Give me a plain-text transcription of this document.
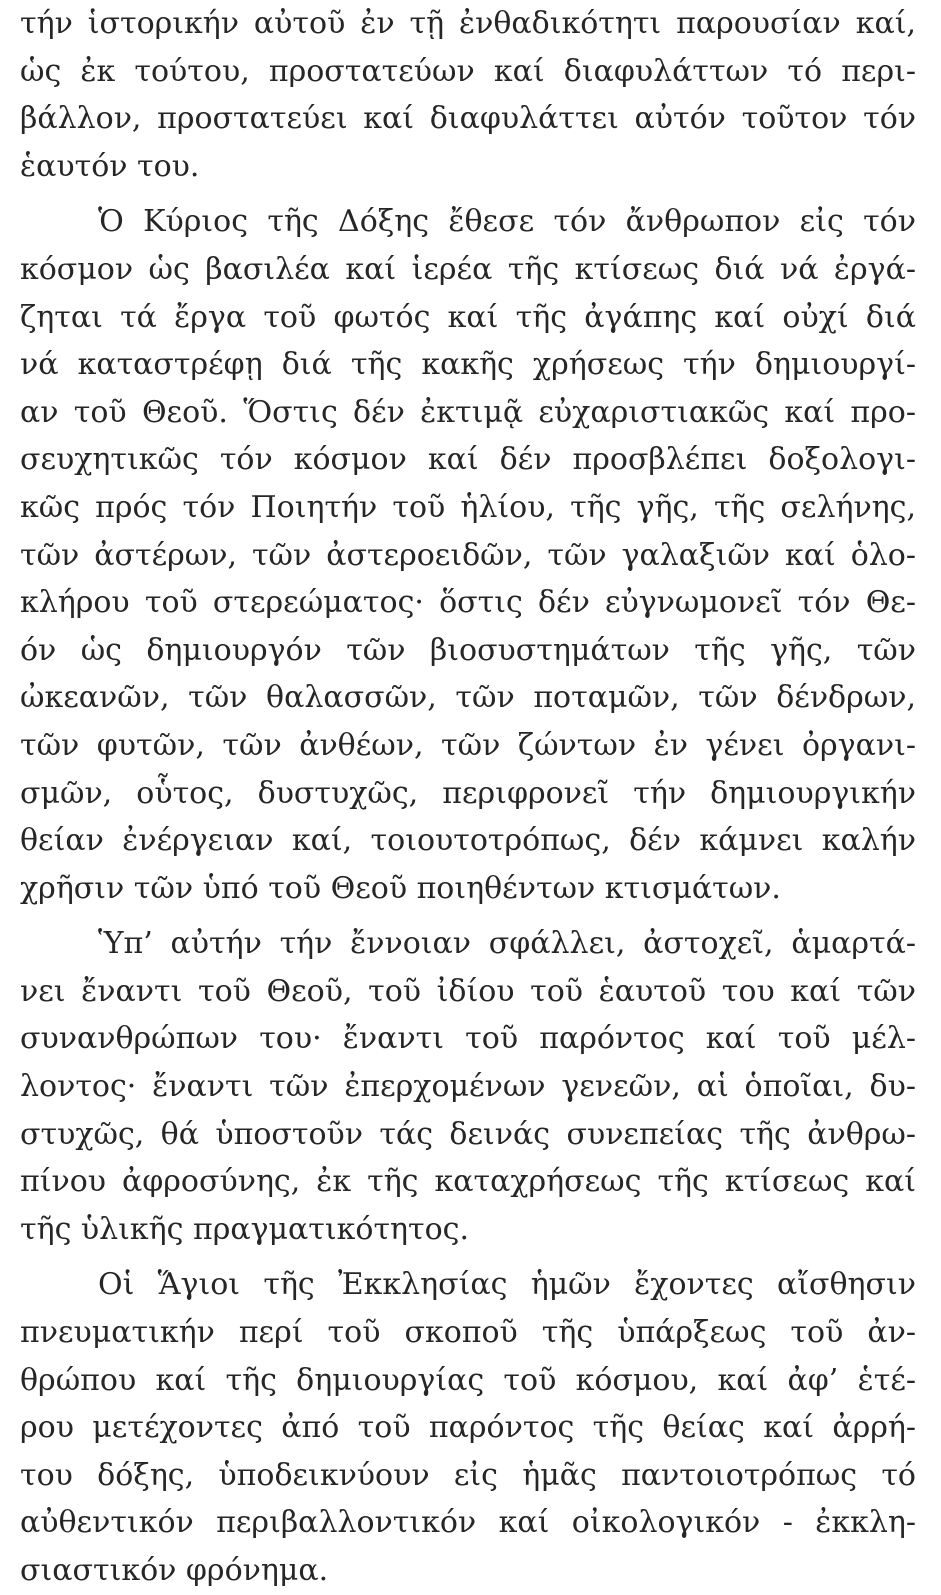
τήν ἱστορικήν αὐτοῦ ἐν τῇ ἐνθαδικότητι παρουσίαν καί,
ὡς ἐκ τούτου, προστατεύων καί διαφυλάττων τό περι-
βάλλον, προστατεύει καί διαφυλάττει αὐτόν τοῦτον τόν
ἑαυτόν του.
Ὁ Κύριος τῆς Δόξης ἔθεσε τόν ἄνθρωπον εἰς τόν
κόσμον ὡς βασιλέα καί ἱερέα τῆς κτίσεως διά νά ἐργά-
ζηται τά ἔργα τοῦ φωτός καί τῆς ἀγάπης καί οὐχί διά
νά καταστρέφῃ διά τῆς κακῆς χρήσεως τήν δημιουργί-
αν τοῦ Θεοῦ. Ὅστις δέν ἐκτιμᾷ εὐχαριστιακῶς καί προ-
σευχητικῶς τόν κόσμον καί δέν προσβλέπει δοξολογι-
κῶς πρός τόν Ποιητήν τοῦ ἡλίου, τῆς γῆς, τῆς σελήνης,
τῶν ἀστέρων, τῶν ἀστεροειδῶν, τῶν γαλαξιῶν καί ὁλο-
κλήρου τοῦ στερεώματος· ὅστις δέν εὐγνωμονεῖ τόν Θε-
όν ὡς δημιουργόν τῶν βιοσυστημάτων τῆς γῆς, τῶν
ὠκεανῶν, τῶν θαλασσῶν, τῶν ποταμῶν, τῶν δένδρων,
τῶν φυτῶν, τῶν ἀνθέων, τῶν ζώντων ἐν γένει ὀργανι-
σμῶν, οὗτος, δυστυχῶς, περιφρονεῖ τήν δημιουργικήν
θείαν ἐνέργειαν καί, τοιουτοτρόπως, δέν κάμνει καλήν
χρῆσιν τῶν ὑπό τοῦ Θεοῦ ποιηθέντων κτισμάτων.
Ὑπ’ αὐτήν τήν ἔννοιαν σφάλλει, ἀστοχεῖ, ἁμαρτά-
νει ἔναντι τοῦ Θεοῦ, τοῦ ἰδίου τοῦ ἑαυτοῦ του καί τῶν
συνανθρώπων του· ἔναντι τοῦ παρόντος καί τοῦ μέλ-
λοντος· ἔναντι τῶν ἐπερχομένων γενεῶν, αἱ ὁποῖαι, δυ-
στυχῶς, θά ὑποστοῦν τάς δεινάς συνεπείας τῆς ἀνθρω-
πίνου ἀφροσύνης, ἐκ τῆς καταχρήσεως τῆς κτίσεως καί
τῆς ὑλικῆς πραγματικότητος.
Οἱ Ἅγιοι τῆς Ἐκκλησίας ἡμῶν ἔχοντες αἴσθησιν
πνευματικήν περί τοῦ σκοποῦ τῆς ὑπάρξεως τοῦ ἀν-
θρώπου καί τῆς δημιουργίας τοῦ κόσμου, καί ἀφ’ ἑτέ-
ρου μετέχοντες ἀπό τοῦ παρόντος τῆς θείας καί ἀρρή-
του δόξης, ὑποδεικνύουν εἰς ἡμᾶς παντοιοτρόπως τό
αὐθεντικόν περιβαλλοντικόν καί οἰκολογικόν - ἐκκλη-
σιαστικόν φρόνημα.
